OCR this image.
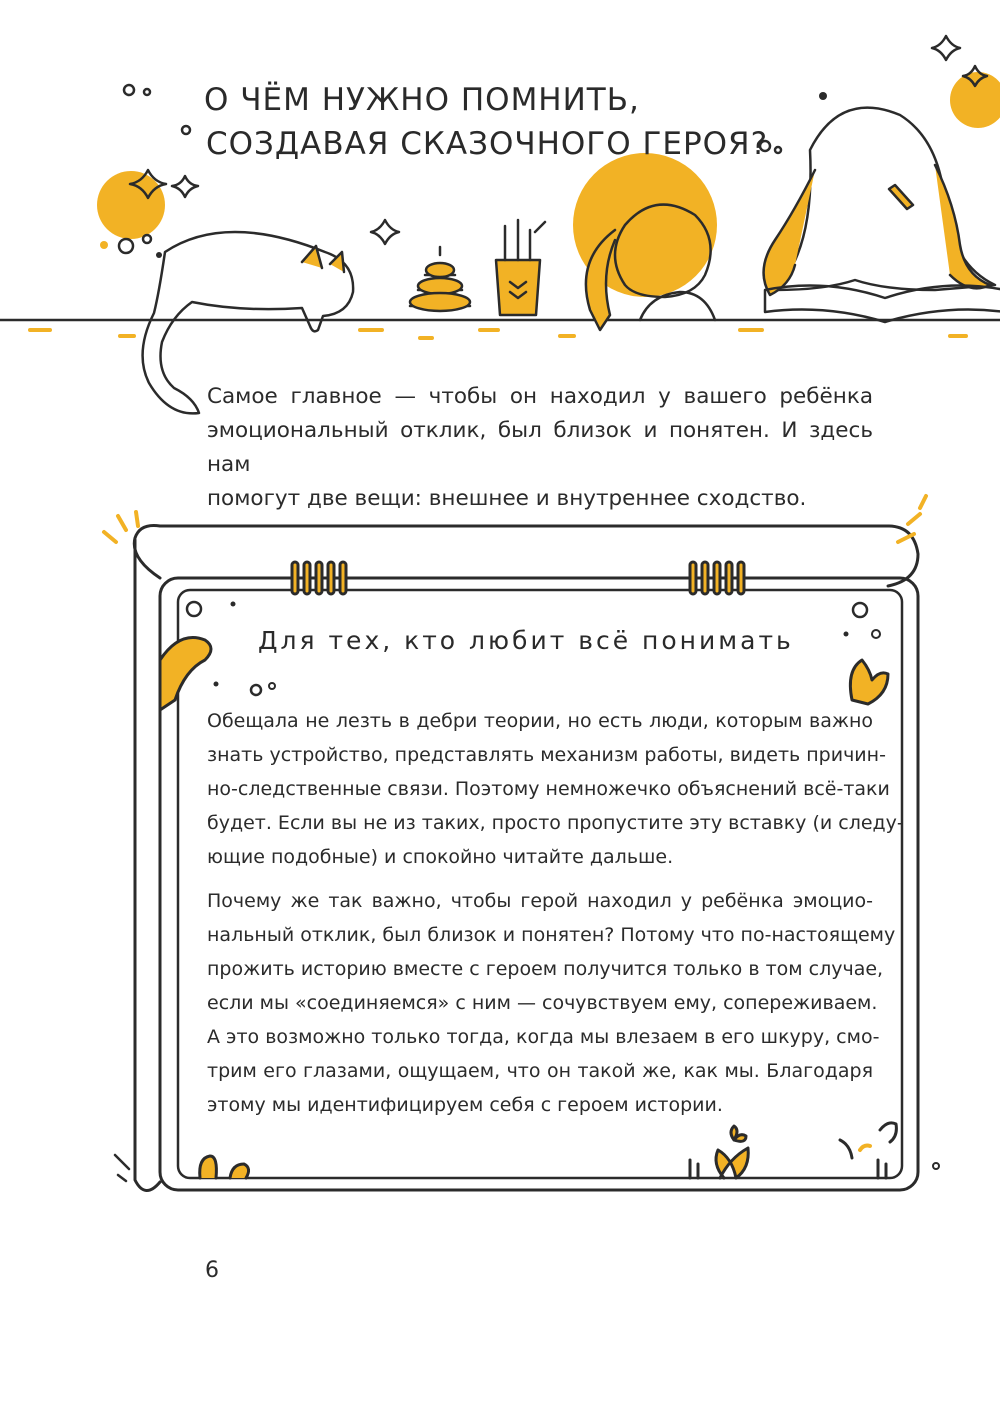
О ЧЁМ НУЖНО ПОМНИТЬ,
СОЗДАВАЯ СКАЗОЧНОГО ГЕРОЯ?
Самое главное — чтобы он находил у вашего ребёнка
эмоциональный отклик, был близок и понятен. И здесь нам
помогут две вещи: внешнее и внутреннее сходство.
Для тех, кто любит всё понимать
Обещала не лезть в дебри теории, но есть люди, которым важно
знать устройство, представлять механизм работы, видеть причин-
но-следственные связи. Поэтому немножечко объяснений всё-таки
будет. Если вы не из таких, просто пропустите эту вставку (и следу-
ющие подобные) и спокойно читайте дальше.
Почему же так важно, чтобы герой находил у ребёнка эмоцио-
нальный отклик, был близок и понятен? Потому что по-настоящему
прожить историю вместе с героем получится только в том случае,
если мы «соединяемся» с ним — сочувствуем ему, сопереживаем.
А это возможно только тогда, когда мы влезаем в его шкуру, смо-
трим его глазами, ощущаем, что он такой же, как мы. Благодаря
этому мы идентифицируем себя с героем истории.
6
